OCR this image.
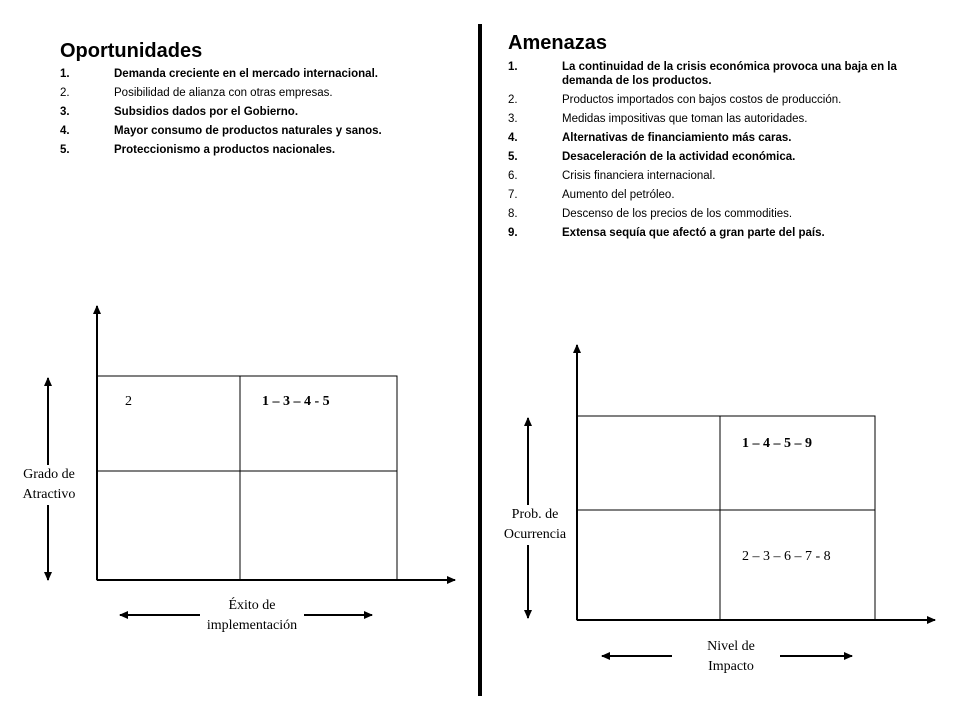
Oportunidades
1.	Demanda creciente en el mercado internacional.
2.	Posibilidad de alianza con otras empresas.
3.	Subsidios dados por el Gobierno.
4.	Mayor consumo de productos naturales y sanos.
5.	Proteccionismo a productos nacionales.
Amenazas
1.	La continuidad de la crisis económica provoca una baja en la demanda de los productos.
2.	Productos importados con bajos costos de producción.
3.	Medidas impositivas que toman las autoridades.
4.	Alternativas de financiamiento más caras.
5.	Desaceleración de la actividad económica.
6.	Crisis financiera internacional.
7.	Aumento del petróleo.
8.	Descenso de los precios de los commodities.
9.	Extensa sequía que afectó a gran parte del país.
Grado de
Atractivo
Éxito de
implementación
2	1 – 3 – 4 - 5
Prob. de
Ocurrencia
Nivel de
Impacto
1 – 4 – 5 – 9
2 – 3 – 6 – 7 - 8
